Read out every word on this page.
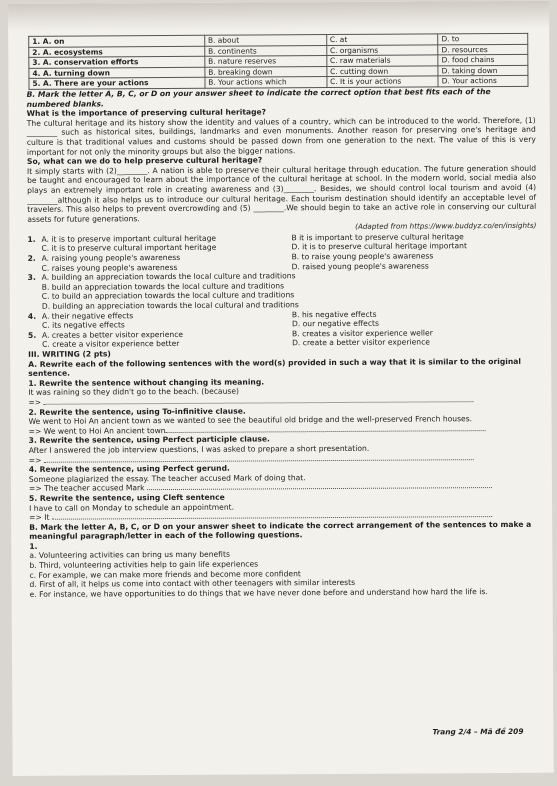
1. A. on	B. about	C. at	D. to
2. A. ecosystems	B. continents	C. organisms	D. resources
3. A. conservation efforts	B. nature reserves	C. raw materials	D. food chains
4. A. turning down	B. breaking down	C. cutting down	D. taking down
5. A. There are your actions	B. Your actions which	C. It is your actions	D. Your actions

B. Mark the letter A, B, C, or D on your answer sheet to indicate the correct option that best fits each of the numbered blanks.

What is the importance of preserving cultural heritage?

The cultural heritage and its history show the identity and values of a country, which can be introduced to the world. Therefore, (1) ________ such as historical sites, buildings, landmarks and even monuments. Another reason for preserving one's heritage and culture is that traditional values and customs should be passed down from one generation to the next. The value of this is very important for not only the minority groups but also the bigger nations.

So, what can we do to help preserve cultural heritage?

It simply starts with (2)________. A nation is able to preserve their cultural heritage through education. The future generation should be taught and encouraged to learn about the importance of the cultural heritage at school. In the modern world, social media also plays an extremely important role in creating awareness and (3)________. Besides, we should control local tourism and avoid (4) ________although it also helps us to introduce our cultural heritage. Each tourism destination should identify an acceptable level of travelers. This also helps to prevent overcrowding and (5) ________.We should begin to take an active role in conserving our cultural assets for future generations.

(Adapted from https://www.buddyz.co/en/insights)

1. A. it is to preserve important cultural heritage	B it is important to preserve cultural heritage
C. it is to preserve cultural important heritage	D. it is to preserve cultural heritage important
2. A. raising young people's awareness	B. to raise young people's awareness
C. raises young people's awareness	D. raised young people's awareness
3. A. building an appreciation towards the local culture and traditions
B. build an appreciation towards the local culture and traditions
C. to build an appreciation towards the local culture and traditions
D. building an appreciation towards the local cultural and traditions
4. A. their negative effects	B. his negative effects
C. its negative effects	D. our negative effects
5. A. creates a better visitor experience	B. creates a visitor experience weller
C. create a visitor experience better	D. create a better visitor experience

III. WRITING (2 pts)

A. Rewrite each of the following sentences with the word(s) provided in such a way that it is similar to the original sentence.

1. Rewrite the sentence without changing its meaning.

It was raining so they didn't go to the beach. (because)

=>

2. Rewrite the sentence, using To-infinitive clause.

We went to Hoi An ancient town as we wanted to see the beautiful old bridge and the well-preserved French houses.

=> We went to Hoi An ancient town

3. Rewrite the sentence, using Perfect participle clause.

After I answered the job interview questions, I was asked to prepare a short presentation.

=>

4. Rewrite the sentence, using Perfect gerund.

Someone plagiarized the essay. The teacher accused Mark of doing that.

=> The teacher accused Mark

5. Rewrite the sentence, using Cleft sentence

I have to call on Monday to schedule an appointment.

=> It

B. Mark the letter A, B, C, or D on your answer sheet to indicate the correct arrangement of the sentences to make a meaningful paragraph/letter in each of the following questions.

1.

a. Volunteering activities can bring us many benefits

b. Third, volunteering activities help to gain life experiences

c. For example, we can make more friends and become more confident

d. First of all, it helps us come into contact with other teenagers with similar interests

e. For instance, we have opportunities to do things that we have never done before and understand how hard the life is.

Trang 2/4 – Mã đề 209
